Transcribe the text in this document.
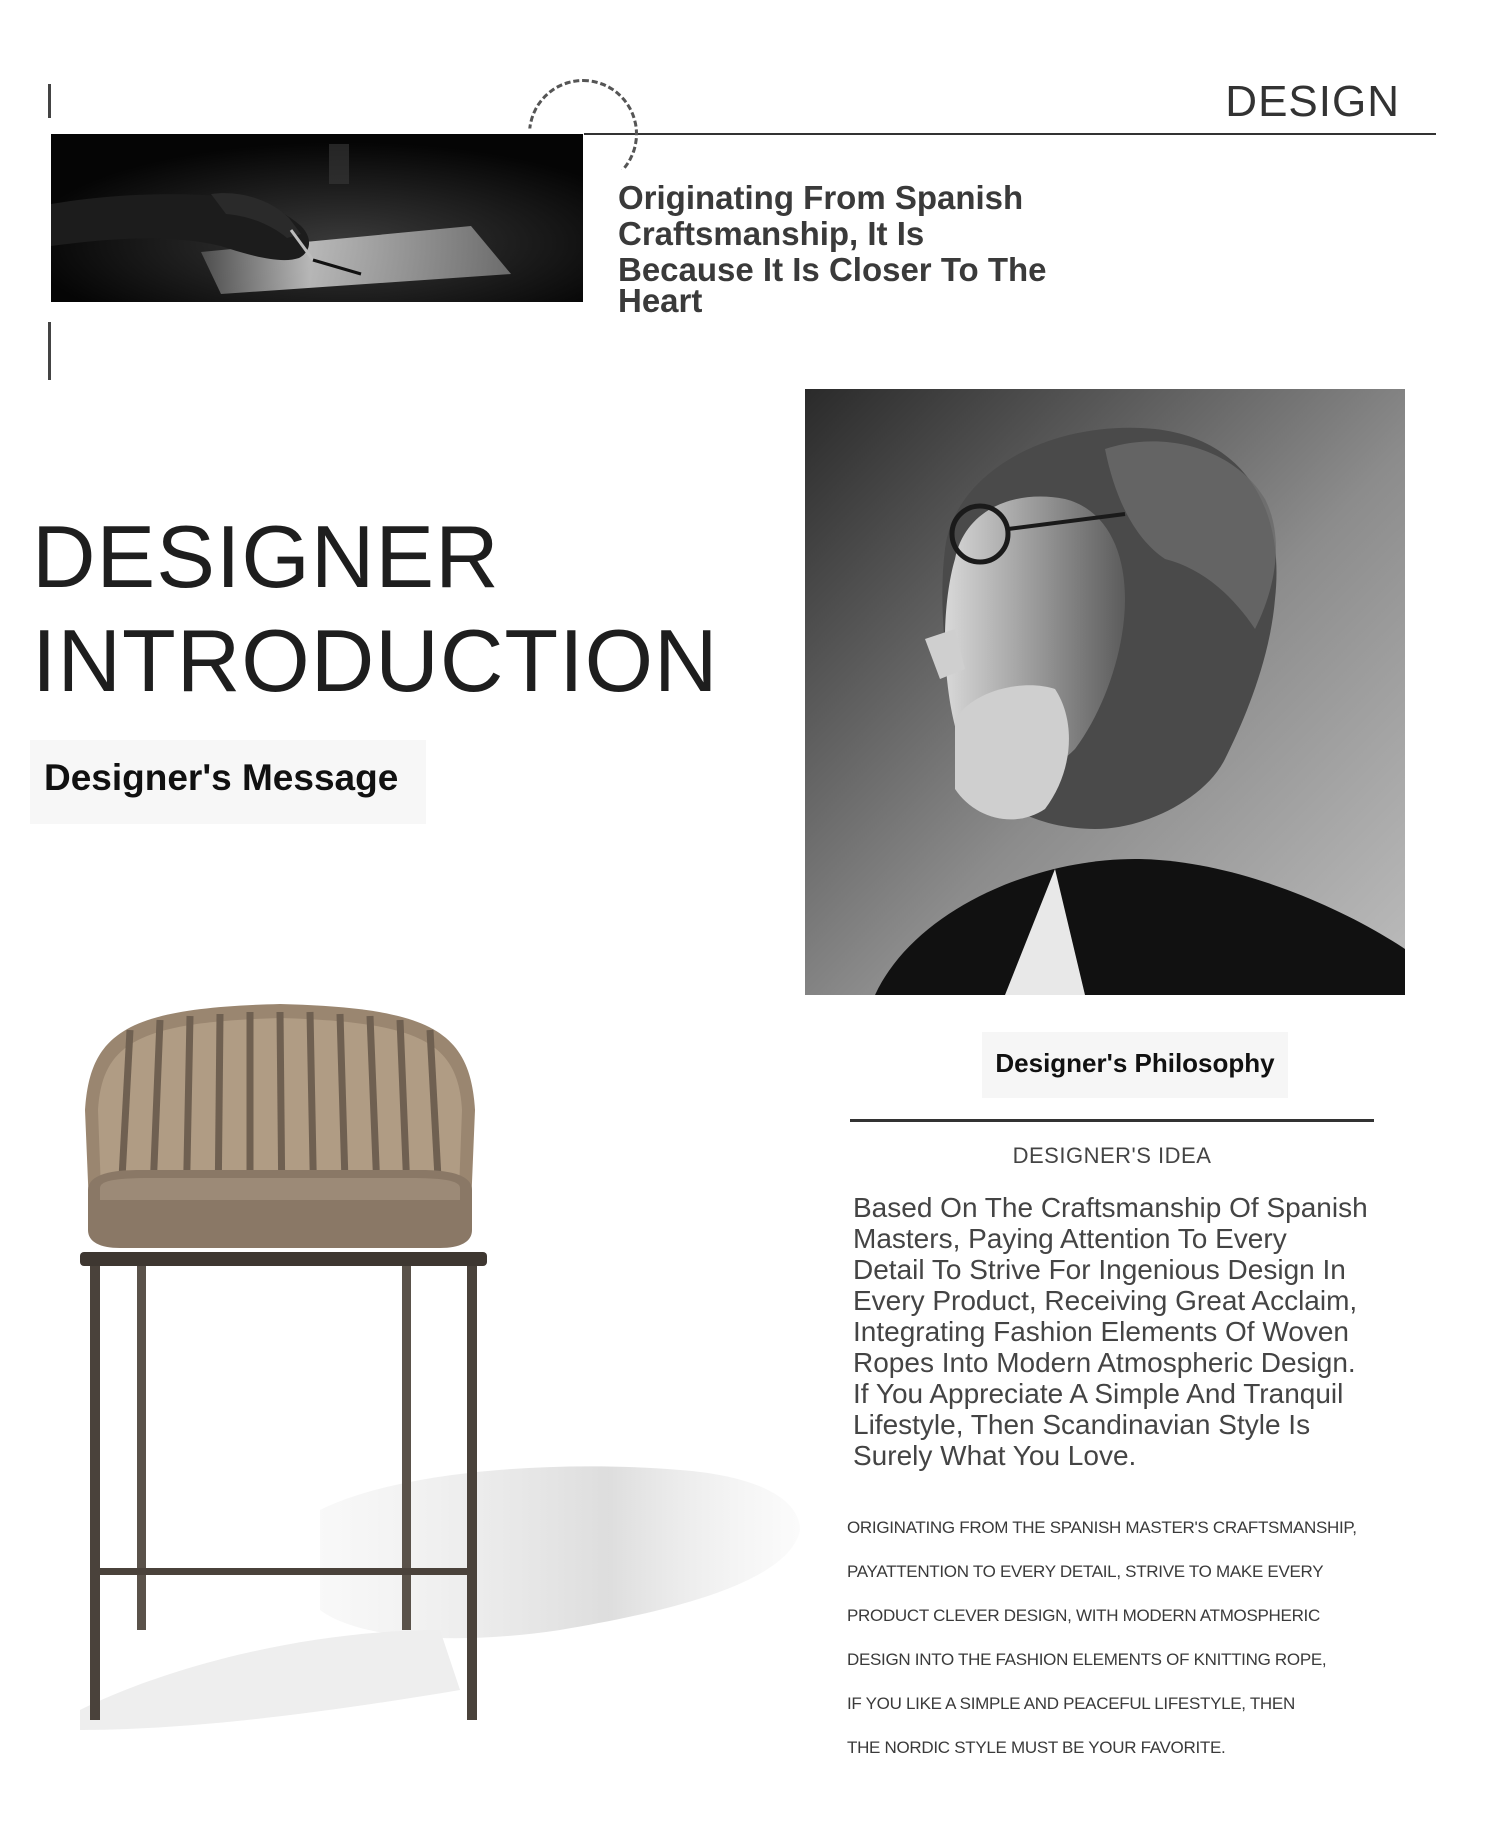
DESIGN
Originating From Spanish
Craftsmanship, It Is
Because It Is Closer To The
Heart
DESIGNER
INTRODUCTION
Designer's Message
Designer's Philosophy
DESIGNER'S IDEA
Based On The Craftsmanship Of Spanish
Masters, Paying Attention To Every
Detail To Strive For Ingenious Design In
Every Product, Receiving Great Acclaim,
Integrating Fashion Elements Of Woven
Ropes Into Modern Atmospheric Design.
If You Appreciate A Simple And Tranquil
Lifestyle, Then Scandinavian Style Is
Surely What You Love.
ORIGINATING FROM THE SPANISH MASTER'S CRAFTSMANSHIP,
PAYATTENTION TO EVERY DETAIL, STRIVE TO MAKE EVERY
PRODUCT CLEVER DESIGN, WITH MODERN ATMOSPHERIC
DESIGN INTO THE FASHION ELEMENTS OF KNITTING ROPE,
IF YOU LIKE A SIMPLE AND PEACEFUL LIFESTYLE, THEN
THE NORDIC STYLE MUST BE YOUR FAVORITE.
